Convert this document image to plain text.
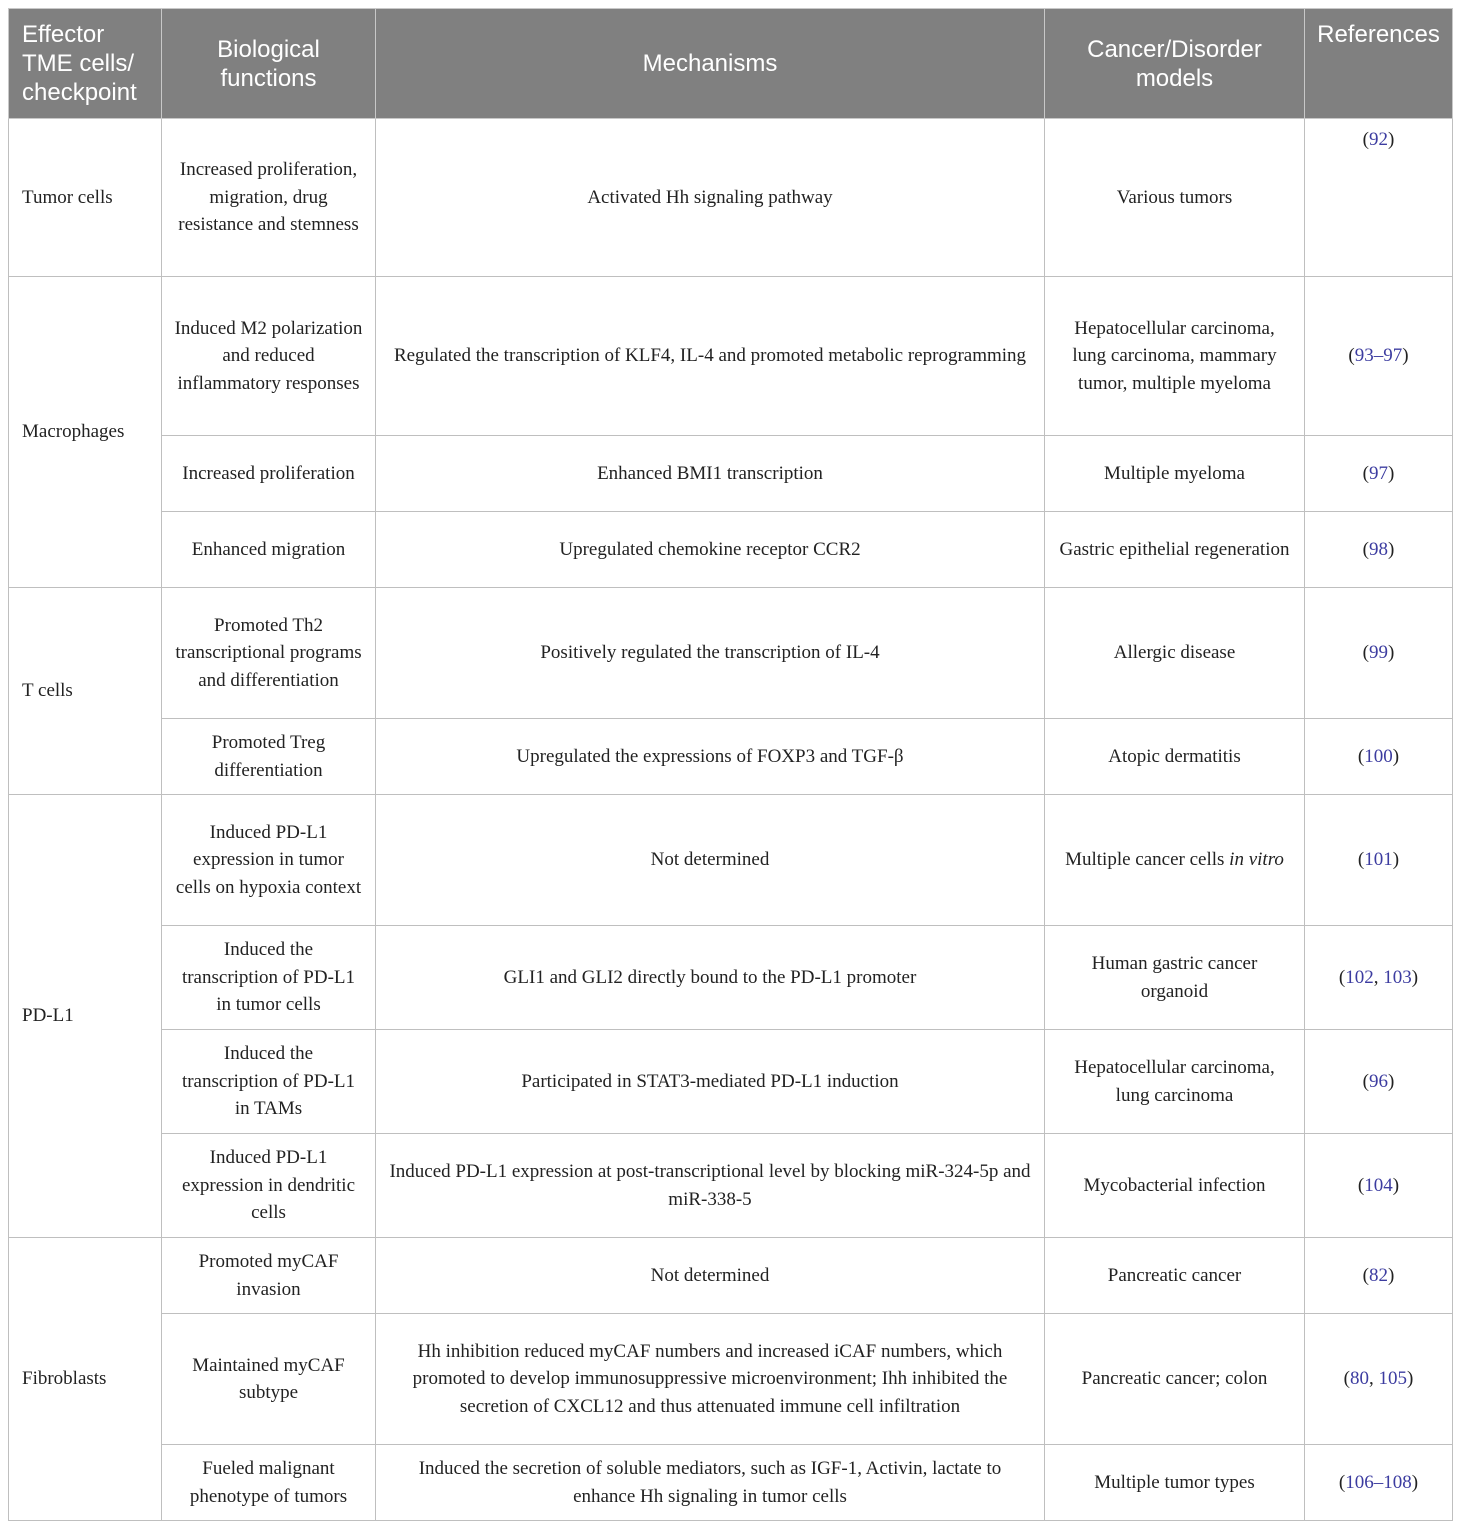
Effector TME cells/ checkpoint	Biological functions	Mechanisms	Cancer/Disorder models	References
Tumor cells	Increased proliferation, migration, drug resistance and stemness	Activated Hh signaling pathway	Various tumors	(92)
Macrophages	Induced M2 polarization and reduced inflammatory responses	Regulated the transcription of KLF4, IL-4 and promoted metabolic reprogramming	Hepatocellular carcinoma, lung carcinoma, mammary tumor, multiple myeloma	(93–97)
	Increased proliferation	Enhanced BMI1 transcription	Multiple myeloma	(97)
	Enhanced migration	Upregulated chemokine receptor CCR2	Gastric epithelial regeneration	(98)
T cells	Promoted Th2 transcriptional programs and differentiation	Positively regulated the transcription of IL-4	Allergic disease	(99)
	Promoted Treg differentiation	Upregulated the expressions of FOXP3 and TGF-β	Atopic dermatitis	(100)
PD-L1	Induced PD-L1 expression in tumor cells on hypoxia context	Not determined	Multiple cancer cells in vitro	(101)
	Induced the transcription of PD-L1 in tumor cells	GLI1 and GLI2 directly bound to the PD-L1 promoter	Human gastric cancer organoid	(102, 103)
	Induced the transcription of PD-L1 in TAMs	Participated in STAT3-mediated PD-L1 induction	Hepatocellular carcinoma, lung carcinoma	(96)
	Induced PD-L1 expression in dendritic cells	Induced PD-L1 expression at post-transcriptional level by blocking miR-324-5p and miR-338-5	Mycobacterial infection	(104)
Fibroblasts	Promoted myCAF invasion	Not determined	Pancreatic cancer	(82)
	Maintained myCAF subtype	Hh inhibition reduced myCAF numbers and increased iCAF numbers, which promoted to develop immunosuppressive microenvironment; Ihh inhibited the secretion of CXCL12 and thus attenuated immune cell infiltration	Pancreatic cancer; colon	(80, 105)
	Fueled malignant phenotype of tumors	Induced the secretion of soluble mediators, such as IGF-1, Activin, lactate to enhance Hh signaling in tumor cells	Multiple tumor types	(106–108)
